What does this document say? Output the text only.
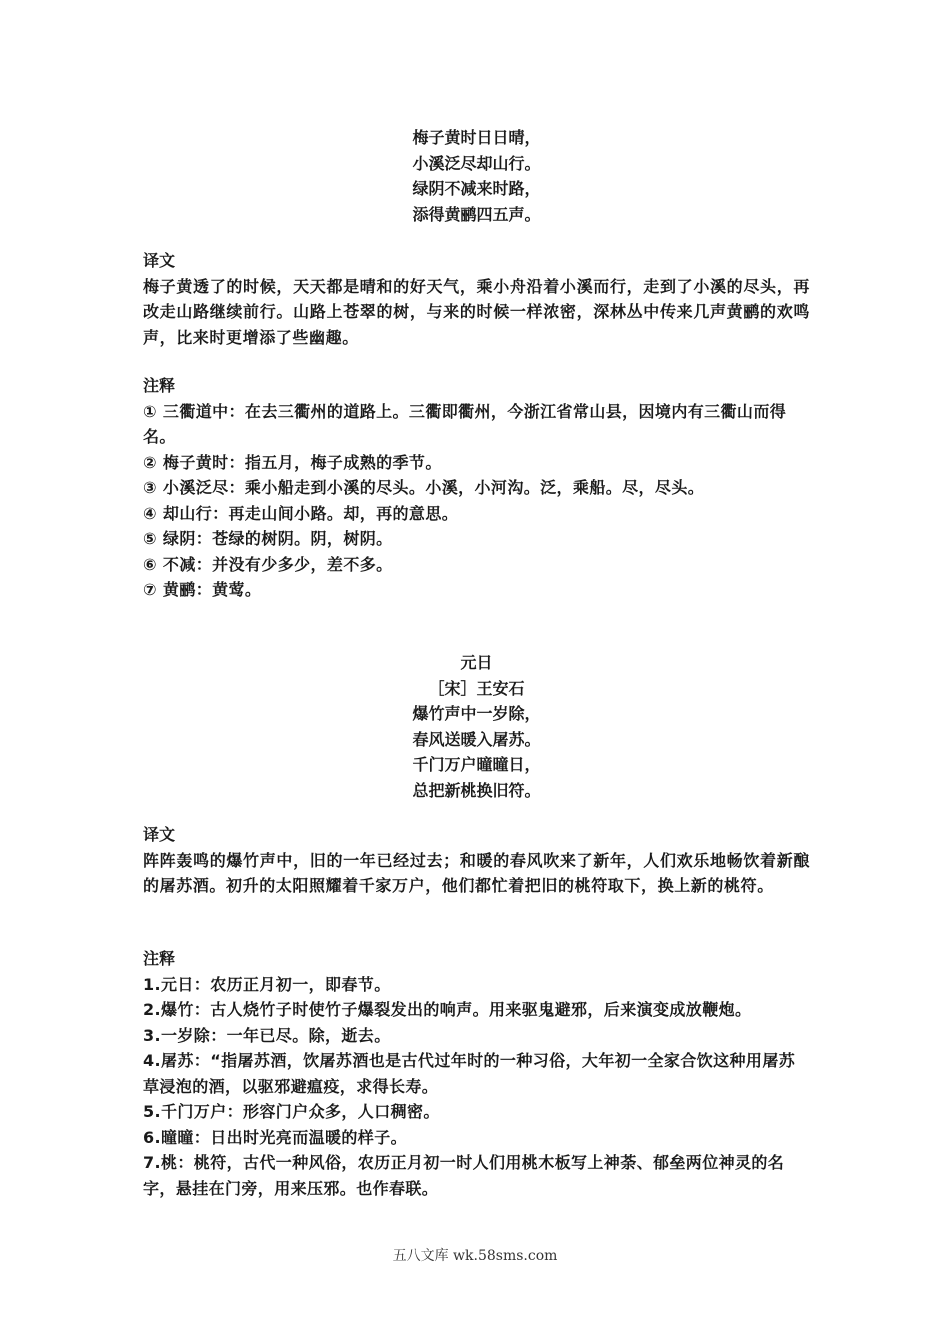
梅子黄时日日晴，
小溪泛尽却山行。
绿阴不减来时路，
添得黄鹂四五声。

译文

梅子黄透了的时候，天天都是晴和的好天气，乘小舟沿着小溪而行，走到了小溪的尽头，再改走山路继续前行。山路上苍翠的树，与来的时候一样浓密，深林丛中传来几声黄鹂的欢鸣声，比来时更增添了些幽趣。

注释

① 三衢道中：在去三衢州的道路上。三衢即衢州，今浙江省常山县，因境内有三衢山而得名。

② 梅子黄时：指五月，梅子成熟的季节。

③ 小溪泛尽：乘小船走到小溪的尽头。小溪，小河沟。泛，乘船。尽，尽头。

④ 却山行：再走山间小路。却，再的意思。

⑤ 绿阴：苍绿的树阴。阴，树阴。

⑥ 不减：并没有少多少，差不多。

⑦ 黄鹂：黄莺。

元日
［宋］王安石
爆竹声中一岁除，
春风送暖入屠苏。
千门万户曈曈日，
总把新桃换旧符。

译文

阵阵轰鸣的爆竹声中，旧的一年已经过去；和暖的春风吹来了新年，人们欢乐地畅饮着新酿的屠苏酒。初升的太阳照耀着千家万户，他们都忙着把旧的桃符取下，换上新的桃符。

注释

1.元日：农历正月初一，即春节。

2.爆竹：古人烧竹子时使竹子爆裂发出的响声。用来驱鬼避邪，后来演变成放鞭炮。

3.一岁除：一年已尽。除，逝去。

4.屠苏：“指屠苏酒，饮屠苏酒也是古代过年时的一种习俗，大年初一全家合饮这种用屠苏草浸泡的酒，以驱邪避瘟疫，求得长寿。

5.千门万户：形容门户众多，人口稠密。

6.曈曈：日出时光亮而温暖的样子。

7.桃：桃符，古代一种风俗，农历正月初一时人们用桃木板写上神荼、郁垒两位神灵的名字，悬挂在门旁，用来压邪。也作春联。

五八文库 wk.58sms.com
